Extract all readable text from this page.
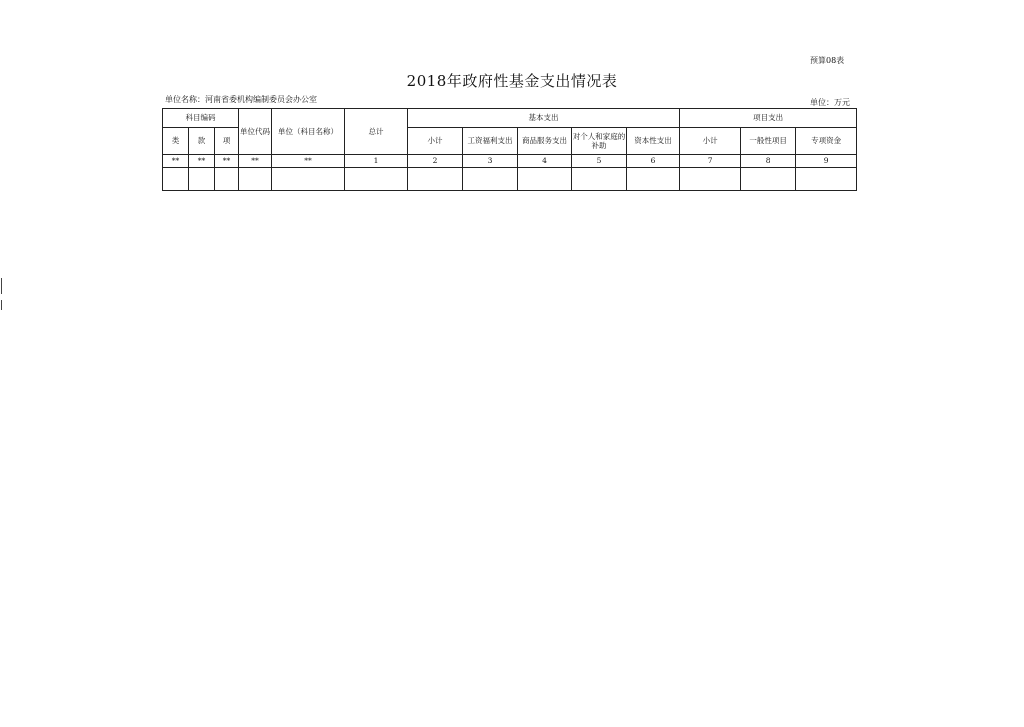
预算08表
2018年政府性基金支出情况表
单位名称：河南省委机构编制委员会办公室	单位：万元
科目编码			单位代码	单位（科目名称）	总计	基本支出					项目支出		
类	款	项				小计	工资福利支出	商品服务支出	对个人和家庭的补助	资本性支出	小计	一般性项目	专项资金
**	**	**	**	**	1	2	3	4	5	6	7	8	9
